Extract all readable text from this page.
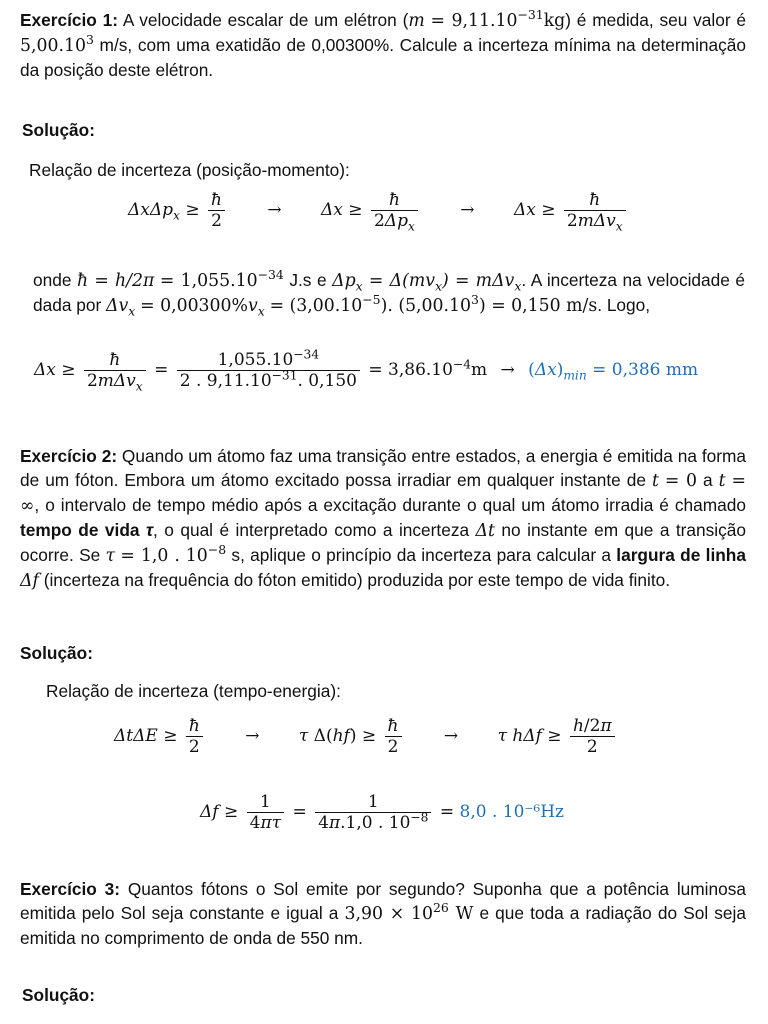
Exercício 1: A velocidade escalar de um elétron $(m = 9,11.10^{-31}kg)$ é medida, seu valor é 5,00.10$^3$ m/s, com uma exatidão de 0,00300%. Calcule a incerteza mínima na determinação da posição deste elétron.

Solução:

Relação de incerteza (posição-momento):

$\Delta x\Delta p_x \ge \frac{ħ}{2} \to \Delta x \ge \frac{ħ}{2\Delta p_x} \to \Delta x \ge \frac{ħ}{2m\Delta v_x}$

onde ħ = $h/2\pi = 1,055.10^{-34}$ J.s e $\Delta p_x = \Delta(mv_x) = m\Delta v_x$. A incerteza na velocidade é dada por $\Delta v_x = 0,00300\%v_x = (3,00.10^{-5})$. $(5,00.10^3) = 0,150$ m/s. Logo,

$\Delta x \ge \frac{ħ}{2m\Delta v_x} = \frac{1,055.10^{-34}}{2 . 9,11.10^{-31}. 0,150} = 3,86.10^{-4}m \to (\Delta x)_{min} = 0,386$ mm

Exercício 2: Quando um átomo faz uma transição entre estados, a energia é emitida na forma de um fóton. Embora um átomo excitado possa irradiar em qualquer instante de t = 0 a t = ∞, o intervalo de tempo médio após a excitação durante o qual um átomo irradia é chamado tempo de vida τ, o qual é interpretado como a incerteza Δt no instante em que a transição ocorre. Se τ = 1,0 . $10^{-8}$ s, aplique o princípio da incerteza para calcular a largura de linha Δf (incerteza na frequência do fóton emitido) produzida por este tempo de vida finito.

Solução:

Relação de incerteza (tempo-energia):

$\Delta t\Delta E \ge \frac{ħ}{2} \to \tau$ $\Delta(hf) \ge \frac{ħ}{2} \to \tau$ $h\Delta f \ge \frac{h/2\pi}{2}$
$\Delta f \ge \frac{1}{4\pi\tau} = \frac{1}{4\pi.1,0 . 10^{-8}} = 8,0$ . 10⁻⁶Hz

Exercício 3: Quantos fótons o Sol emite por segundo? Suponha que a potência luminosa emitida pelo Sol seja constante e igual a $3,90 \times 10^{26}$ W e que toda a radiação do Sol seja emitida no comprimento de onda de 550 nm.

Solução:
